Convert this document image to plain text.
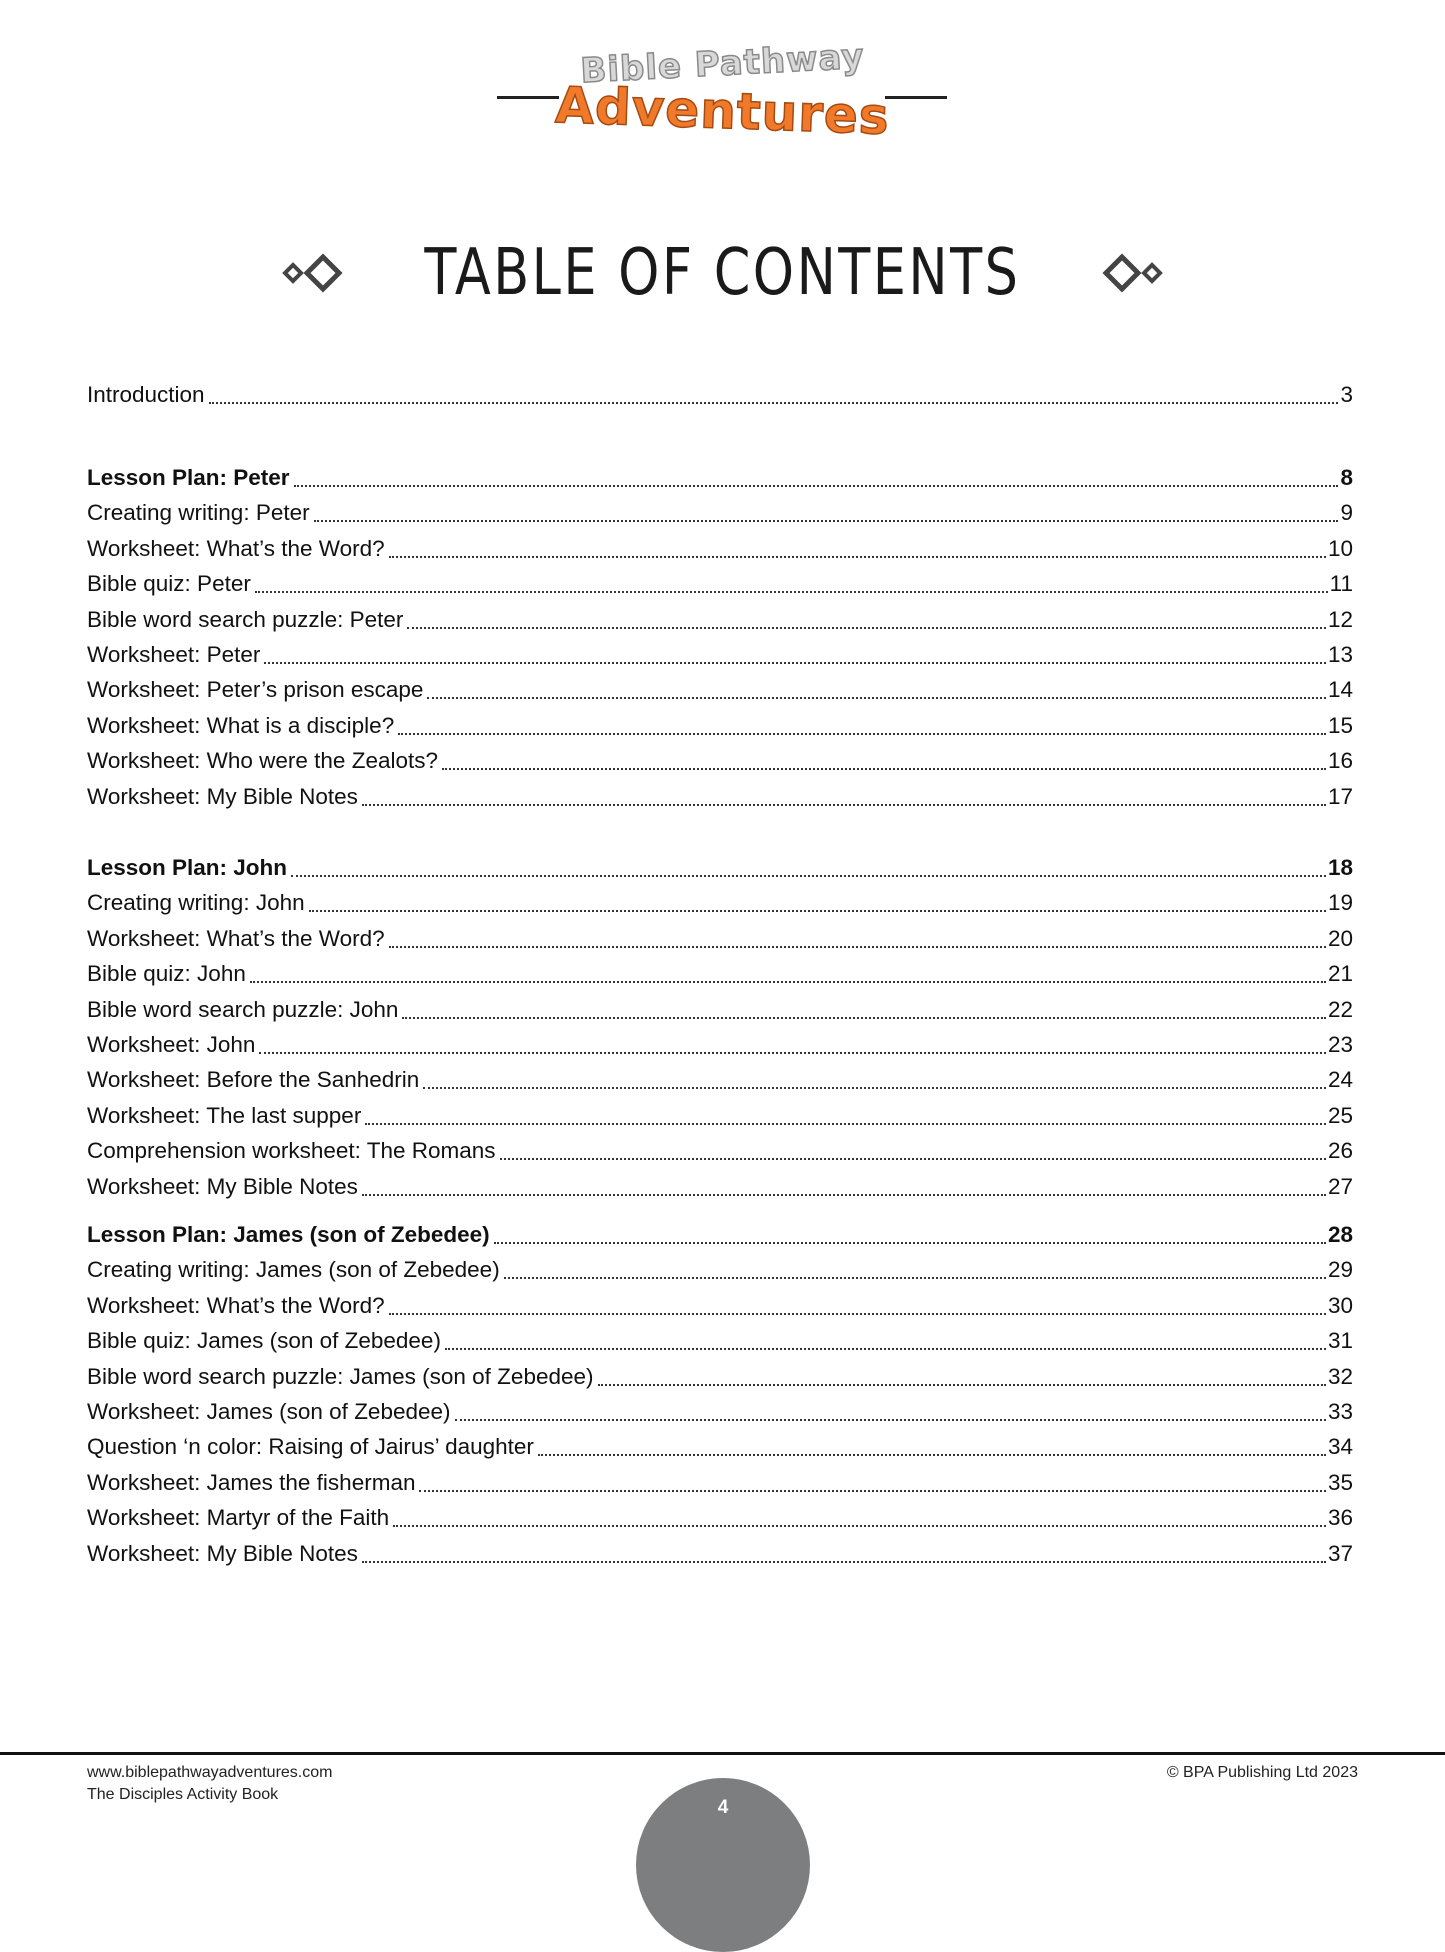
Bible Pathway
Adventures
TABLE OF CONTENTS
Introduction	3
Lesson Plan: Peter	8
Creating writing: Peter	9
Worksheet: What’s the Word?	10
Bible quiz: Peter	11
Bible word search puzzle: Peter	12
Worksheet: Peter	13
Worksheet: Peter’s prison escape	14
Worksheet: What is a disciple?	15
Worksheet: Who were the Zealots?	16
Worksheet: My Bible Notes	17
Lesson Plan: John	18
Creating writing: John	19
Worksheet: What’s the Word?	20
Bible quiz: John	21
Bible word search puzzle: John	22
Worksheet: John	23
Worksheet: Before the Sanhedrin	24
Worksheet: The last supper	25
Comprehension worksheet: The Romans	26
Worksheet: My Bible Notes	27
Lesson Plan: James (son of Zebedee)	28
Creating writing: James (son of Zebedee)	29
Worksheet: What’s the Word?	30
Bible quiz: James (son of Zebedee)	31
Bible word search puzzle: James (son of Zebedee)	32
Worksheet: James (son of Zebedee)	33
Question ‘n color: Raising of Jairus’ daughter	34
Worksheet: James the fisherman	35
Worksheet: Martyr of the Faith	36
Worksheet: My Bible Notes	37
www.biblepathwayadventures.com
The Disciples Activity Book
© BPA Publishing Ltd 2023
4
